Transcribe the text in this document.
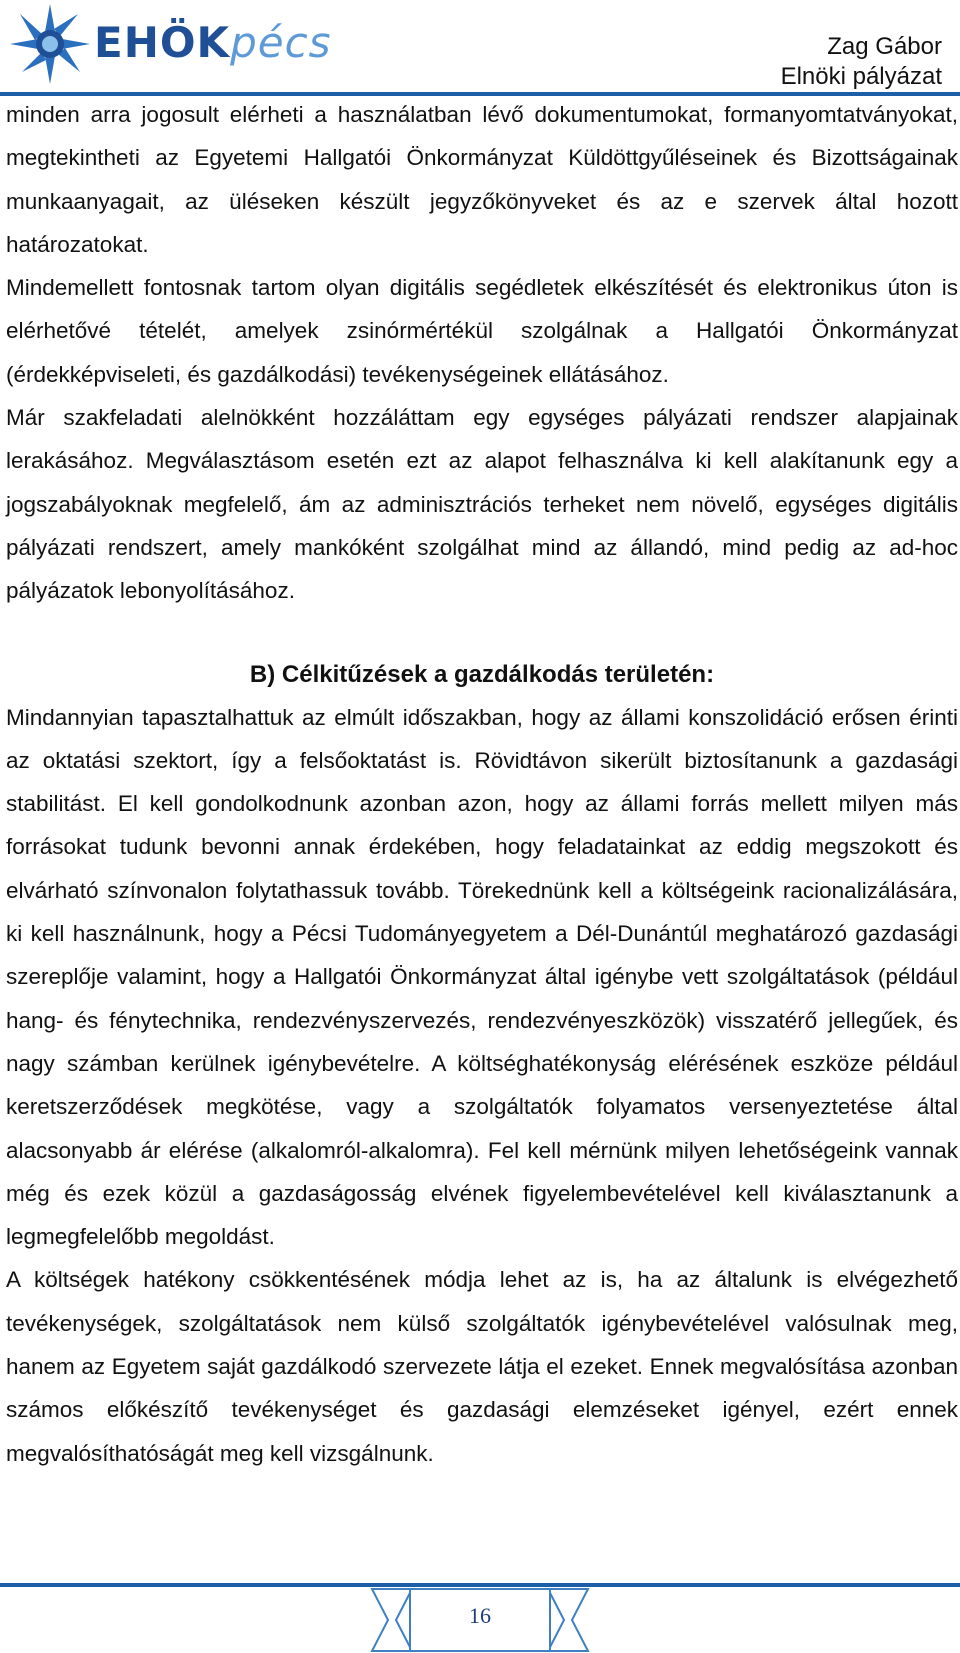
EHÖKpécs	Zag Gábor
Elnöki pályázat

minden arra jogosult elérheti a használatban lévő dokumentumokat, formanyomtatványokat, megtekintheti az Egyetemi Hallgatói Önkormányzat Küldöttgyűléseinek és Bizottságainak munkaanyagait, az üléseken készült jegyzőkönyveket és az e szervek által hozott határozatokat.

Mindemellett fontosnak tartom olyan digitális segédletek elkészítését és elektronikus úton is elérhetővé tételét, amelyek zsinórmértékül szolgálnak a Hallgatói Önkormányzat (érdekképviseleti, és gazdálkodási) tevékenységeinek ellátásához.

Már szakfeladati alelnökként hozzáláttam egy egységes pályázati rendszer alapjainak lerakásához. Megválasztásom esetén ezt az alapot felhasználva ki kell alakítanunk egy a jogszabályoknak megfelelő, ám az adminisztrációs terheket nem növelő, egységes digitális pályázati rendszert, amely mankóként szolgálhat mind az állandó, mind pedig az ad-hoc pályázatok lebonyolításához.

B) Célkitűzések a gazdálkodás területén:

Mindannyian tapasztalhattuk az elmúlt időszakban, hogy az állami konszolidáció erősen érinti az oktatási szektort, így a felsőoktatást is. Rövidtávon sikerült biztosítanunk a gazdasági stabilitást. El kell gondolkodnunk azonban azon, hogy az állami forrás mellett milyen más forrásokat tudunk bevonni annak érdekében, hogy feladatainkat az eddig megszokott és elvárható színvonalon folytathassuk tovább. Törekednünk kell a költségeink racionalizálására, ki kell használnunk, hogy a Pécsi Tudományegyetem a Dél-Dunántúl meghatározó gazdasági szereplője valamint, hogy a Hallgatói Önkormányzat által igénybe vett szolgáltatások (például hang- és fénytechnika, rendezvényszervezés, rendezvényeszközök) visszatérő jellegűek, és nagy számban kerülnek igénybevételre. A költséghatékonyság elérésének eszköze például keretszerződések megkötése, vagy a szolgáltatók folyamatos versenyeztetése által alacsonyabb ár elérése (alkalomról-alkalomra). Fel kell mérnünk milyen lehetőségeink vannak még és ezek közül a gazdaságosság elvének figyelembevételével kell kiválasztanunk a legmegfelelőbb megoldást.

A költségek hatékony csökkentésének módja lehet az is, ha az általunk is elvégezhető tevékenységek, szolgáltatások nem külső szolgáltatók igénybevételével valósulnak meg, hanem az Egyetem saját gazdálkodó szervezete látja el ezeket. Ennek megvalósítása azonban számos előkészítő tevékenységet és gazdasági elemzéseket igényel, ezért ennek megvalósíthatóságát meg kell vizsgálnunk.

16
